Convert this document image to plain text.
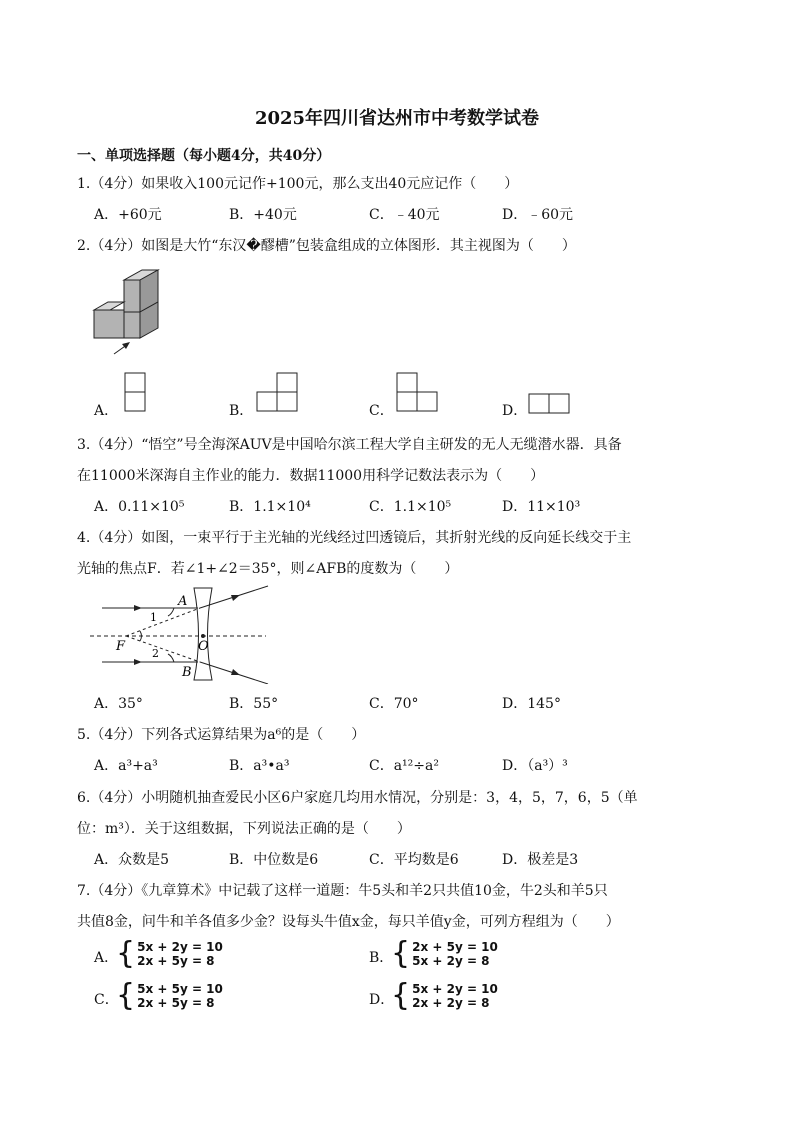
2025年四川省达州市中考数学试卷
一、单项选择题（每小题4分，共40分）
1.（4分）如果收入100元记作+100元，那么支出40元应记作（　　）
A．+60元	B．+40元	C．﹣40元	D．﹣60元
2.（4分）如图是大竹“东汉�醪槽”包装盒组成的立体图形．其主视图为（　　）
A．	B．	C．	D．
3.（4分）“悟空”号全海深AUV是中国哈尔滨工程大学自主研发的无人无缆潜水器．具备
在11000米深海自主作业的能力．数据11000用科学记数法表示为（　　）
A．0.11×10⁵	B．1.1×10⁴	C．1.1×10⁵	D．11×10³
4.（4分）如图，一束平行于主光轴的光线经过凹透镜后，其折射光线的反向延长线交于主
光轴的焦点F．若∠1+∠2＝35°，则∠AFB的度数为（　　）
A
B
F	O
1
2
A．35°	B．55°	C．70°	D．145°
5.（4分）下列各式运算结果为a⁶的是（　　）
A．a³+a³	B．a³•a³	C．a¹²÷a²	D．（a³）³
6.（4分）小明随机抽查爱民小区6户家庭几均用水情况，分别是：3，4，5，7，6，5（单
位：m³）．关于这组数据，下列说法正确的是（　　）
A．众数是5	B．中位数是6	C．平均数是6	D．极差是3
7.（4分）《九章算术》中记载了这样一道题：牛5头和羊2只共值10金，牛2头和羊5只
共值8金，问牛和羊各值多少金？设每头牛值x金，每只羊值y金，可列方程组为（　　）
A．
{ 5x + 2y = 10
2x + 5y = 8	B．
{ 2x + 5y = 10
5x + 2y = 8
C．
{ 5x + 5y = 10
2x + 5y = 8	D．
{ 5x + 2y = 10
2x + 2y = 8
